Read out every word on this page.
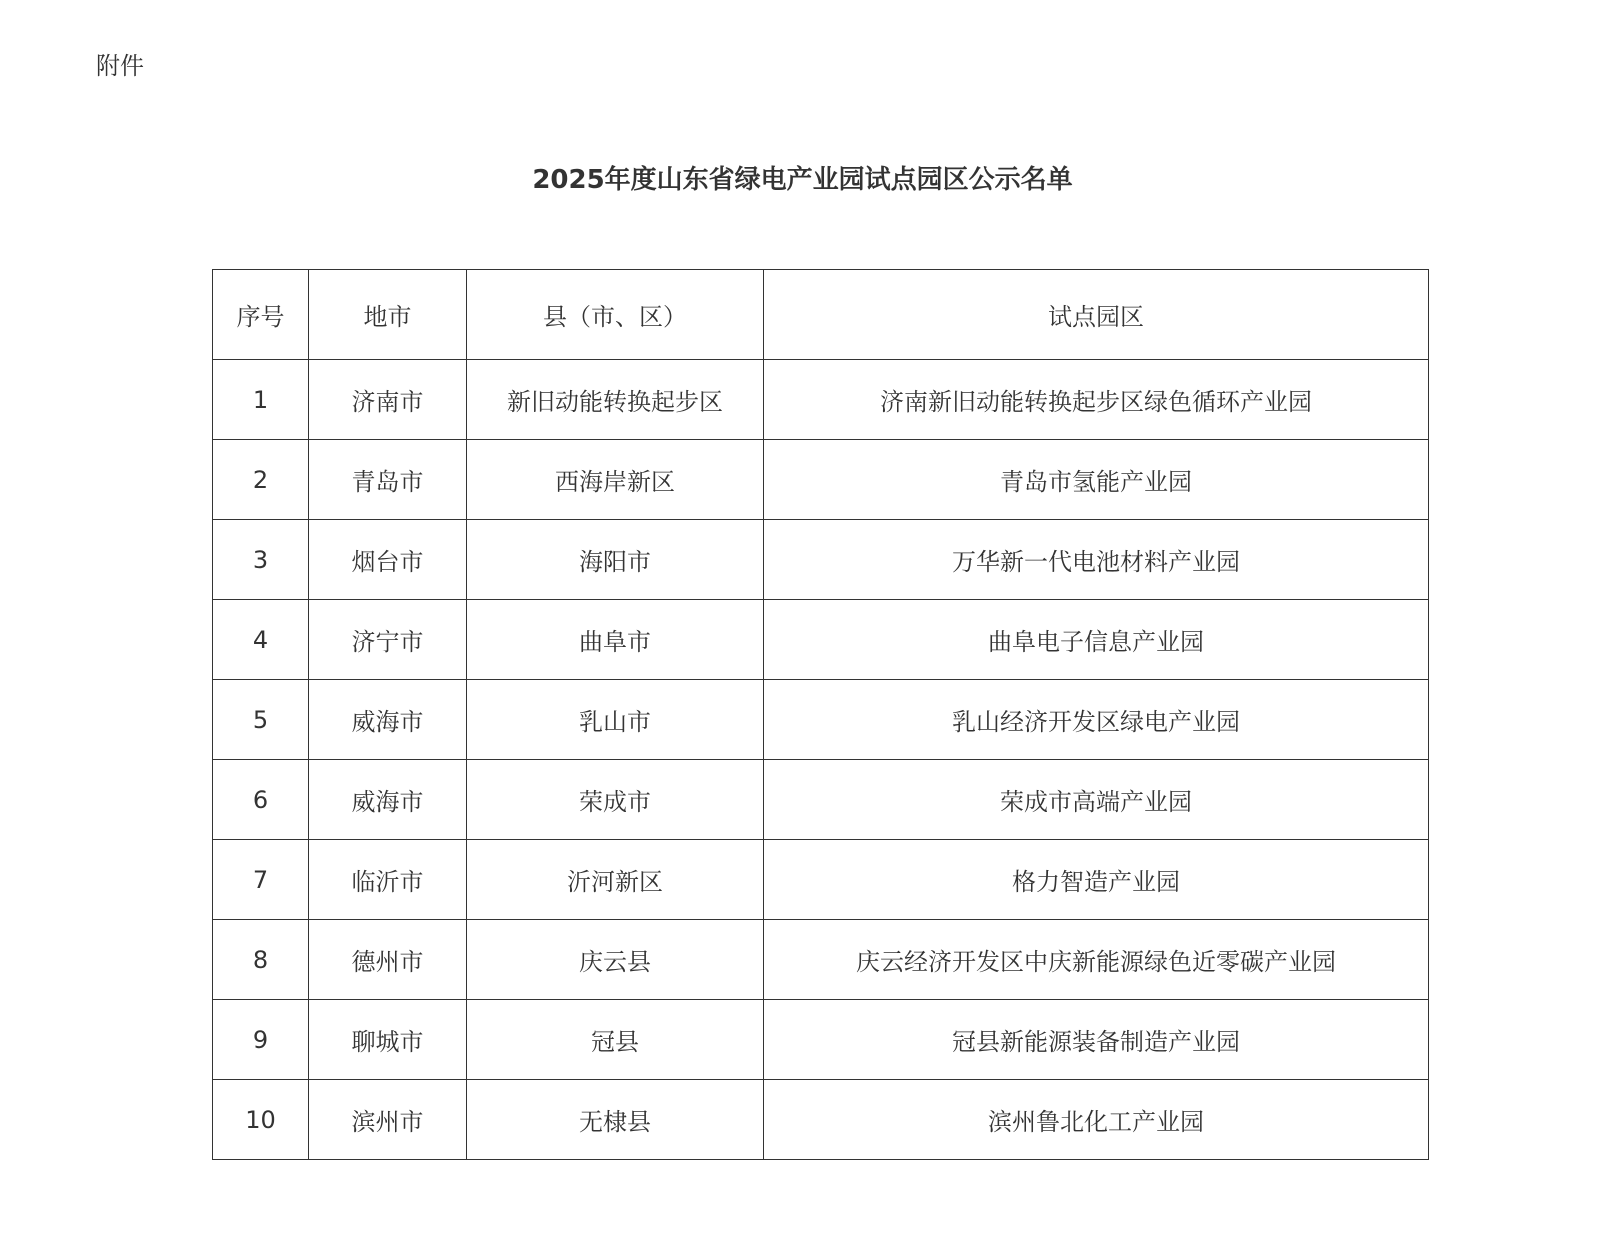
附件
2025年度山东省绿电产业园试点园区公示名单
序号	地市	县（市、区）	试点园区
1	济南市	新旧动能转换起步区	济南新旧动能转换起步区绿色循环产业园
2	青岛市	西海岸新区	青岛市氢能产业园
3	烟台市	海阳市	万华新一代电池材料产业园
4	济宁市	曲阜市	曲阜电子信息产业园
5	威海市	乳山市	乳山经济开发区绿电产业园
6	威海市	荣成市	荣成市高端产业园
7	临沂市	沂河新区	格力智造产业园
8	德州市	庆云县	庆云经济开发区中庆新能源绿色近零碳产业园
9	聊城市	冠县	冠县新能源装备制造产业园
10	滨州市	无棣县	滨州鲁北化工产业园
